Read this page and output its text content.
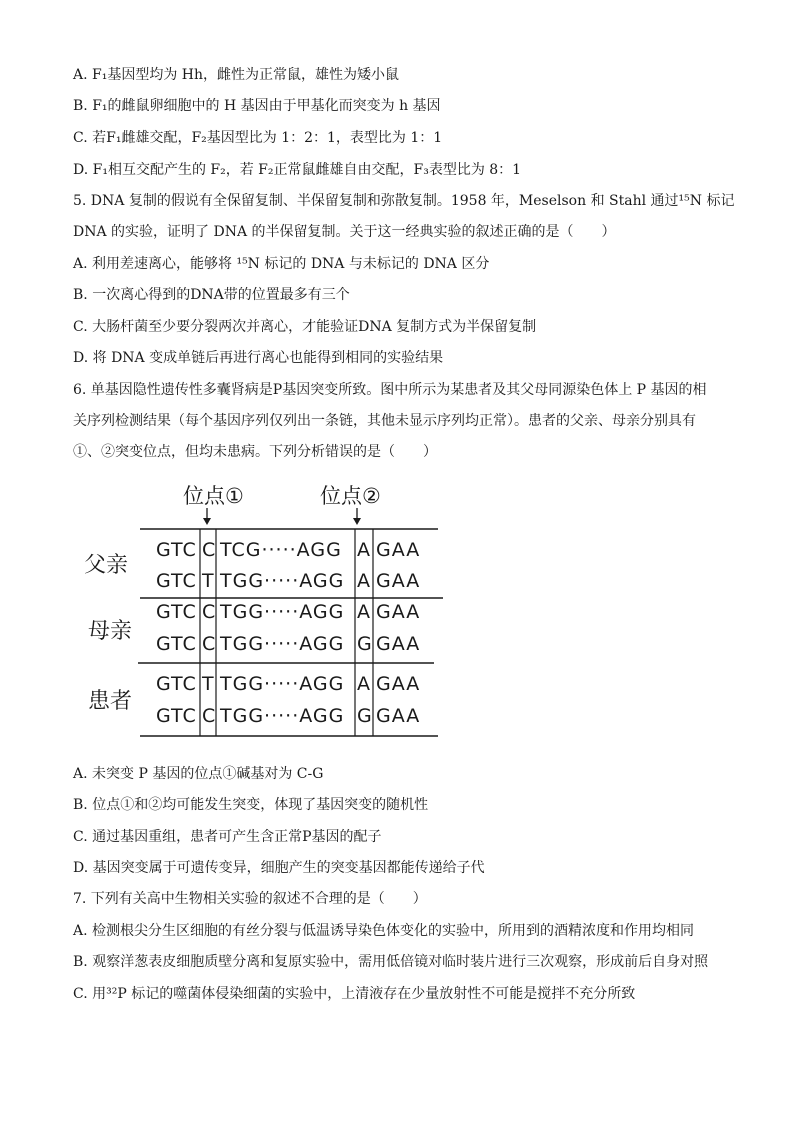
A. F₁基因型均为 Hh，雌性为正常鼠，雄性为矮小鼠
B. F₁的雌鼠卵细胞中的 H 基因由于甲基化而突变为 h 基因
C. 若F₁雌雄交配，F₂基因型比为 1：2：1，表型比为 1：1
D. F₁相互交配产生的 F₂，若 F₂正常鼠雌雄自由交配，F₃表型比为 8：1
5. DNA 复制的假说有全保留复制、半保留复制和弥散复制。1958 年，Meselson 和 Stahl 通过¹⁵N 标记
DNA 的实验，证明了 DNA 的半保留复制。关于这一经典实验的叙述正确的是（　　）
A. 利用差速离心，能够将 ¹⁵N 标记的 DNA 与未标记的 DNA 区分
B. 一次离心得到的DNA带的位置最多有三个
C. 大肠杆菌至少要分裂两次并离心，才能验证DNA 复制方式为半保留复制
D. 将 DNA 变成单链后再进行离心也能得到相同的实验结果
6. 单基因隐性遗传性多囊肾病是P基因突变所致。图中所示为某患者及其父母同源染色体上 P 基因的相
关序列检测结果（每个基因序列仅列出一条链，其他未显示序列均正常）。患者的父亲、母亲分别具有
①、②突变位点，但均未患病。下列分析错误的是（　　）
位点①	位点②
父亲
母亲
患者
GTC C TCG·····AGG A GAA
GTC T TGG·····AGG A GAA
GTC C TGG·····AGG A GAA
GTC C TGG·····AGG G GAA
GTC T TGG·····AGG A GAA
GTC C TGG·····AGG G GAA
A. 未突变 P 基因的位点①碱基对为 C-G
B. 位点①和②均可能发生突变，体现了基因突变的随机性
C. 通过基因重组，患者可产生含正常P基因的配子
D. 基因突变属于可遗传变异，细胞产生的突变基因都能传递给子代
7. 下列有关高中生物相关实验的叙述不合理的是（　　）
A. 检测根尖分生区细胞的有丝分裂与低温诱导染色体变化的实验中，所用到的酒精浓度和作用均相同
B. 观察洋葱表皮细胞质壁分离和复原实验中，需用低倍镜对临时装片进行三次观察，形成前后自身对照
C. 用³²P 标记的噬菌体侵染细菌的实验中，上清液存在少量放射性不可能是搅拌不充分所致
